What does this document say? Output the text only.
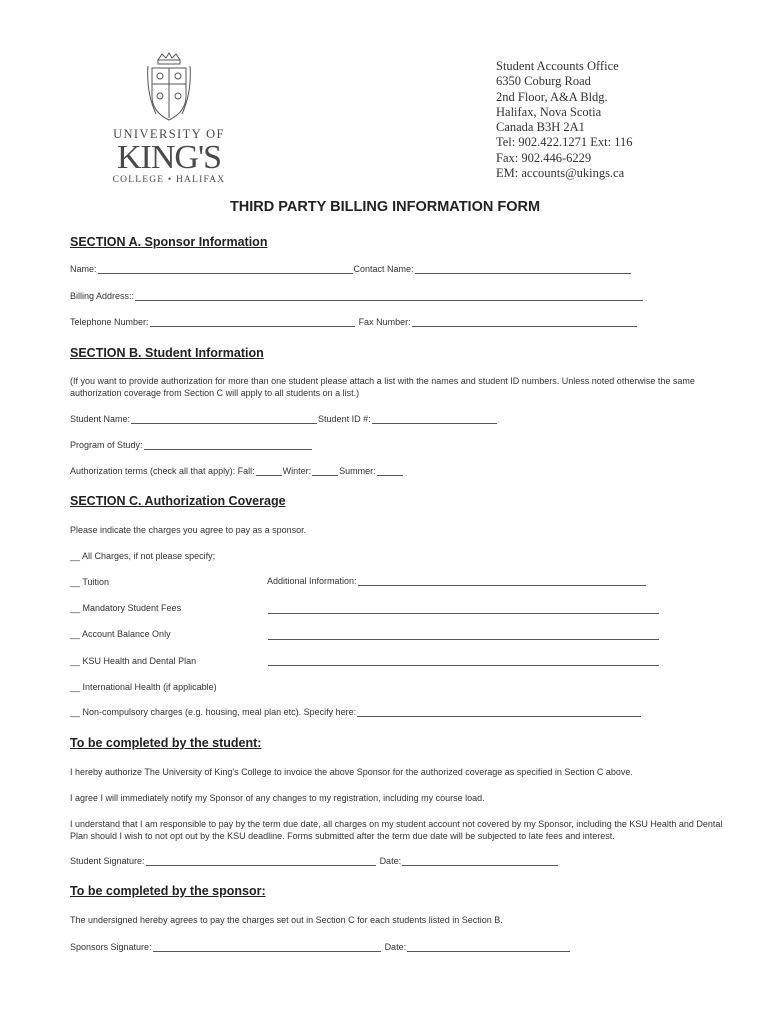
UNIVERSITY OF
KING'S
COLLEGE • HALIFAX
Student Accounts Office
6350 Coburg Road
2nd Floor, A&A Bldg.
Halifax, Nova Scotia
Canada B3H 2A1
Tel: 902.422.1271 Ext: 116
Fax: 902.446-6229
EM: accounts@ukings.ca
THIRD PARTY BILLING INFORMATION FORM
SECTION A. Sponsor Information
Name:	Contact Name:
Billing Address::
Telephone Number:	Fax Number:
SECTION B. Student Information
(If you want to provide authorization for more than one student please attach a list with the names and student ID numbers. Unless noted otherwise the same authorization coverage from Section C will apply to all students on a list.)
Student Name:	Student ID #:
Program of Study:
Authorization terms (check all that apply): Fall:	Winter:	Summer:
SECTION C. Authorization Coverage
Please indicate the charges you agree to pay as a sponsor.
__ All Charges, if not please specify;
__ Tuition	Additional Information:
__ Mandatory Student Fees
__ Account Balance Only
__ KSU Health and Dental Plan
__ International Health (if applicable)
__ Non-compulsory charges (e.g. housing, meal plan etc). Specify here:
To be completed by the student:
I hereby authorize The University of King's College to invoice the above Sponsor for the authorized coverage as specified in Section C above.
I agree I will immediately notify my Sponsor of any changes to my registration, including my course load.
I understand that I am responsible to pay by the term due date, all charges on my student account not covered by my Sponsor, including the KSU Health and Dental Plan should I wish to not opt out by the KSU deadline. Forms submitted after the term due date will be subjected to late fees and interest.
Student Signature:	Date:
To be completed by the sponsor:
The undersigned hereby agrees to pay the charges set out in Section C for each students listed in Section B.
Sponsors Signature:	Date:
